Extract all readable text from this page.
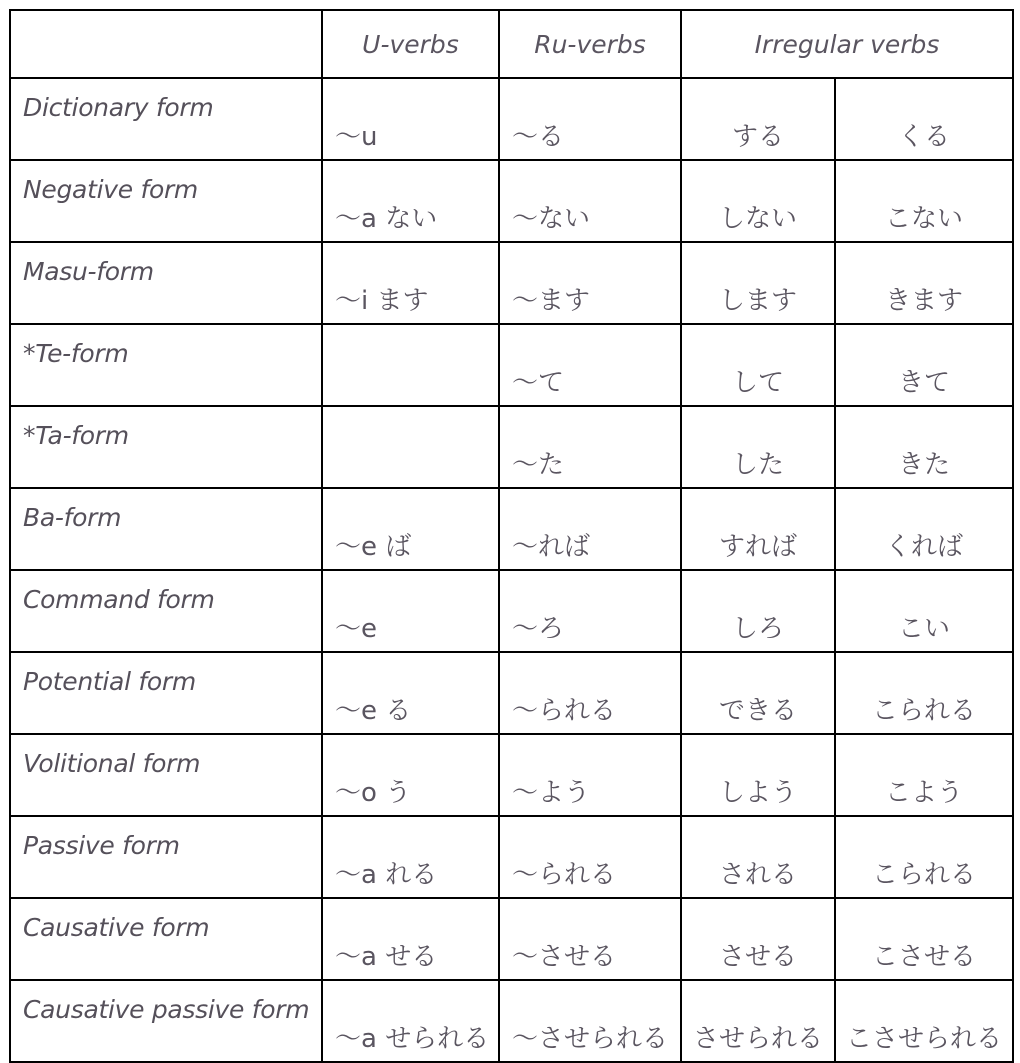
	U-verbs	Ru-verbs	Irregular verbs	
Dictionary form	〜u	〜る	する	くる
Negative form	〜a ない	〜ない	しない	こない
Masu-form	〜i ます	〜ます	します	きます
*Te-form		〜て	して	きて
*Ta-form		〜た	した	きた
Ba-form	〜e ば	〜れば	すれば	くれば
Command form	〜e	〜ろ	しろ	こい
Potential form	〜e る	〜られる	できる	こられる
Volitional form	〜o う	〜よう	しよう	こよう
Passive form	〜a れる	〜られる	される	こられる
Causative form	〜a せる	〜させる	させる	こさせる
Causative passive form	〜a せられる	〜させられる	させられる	こさせられる
